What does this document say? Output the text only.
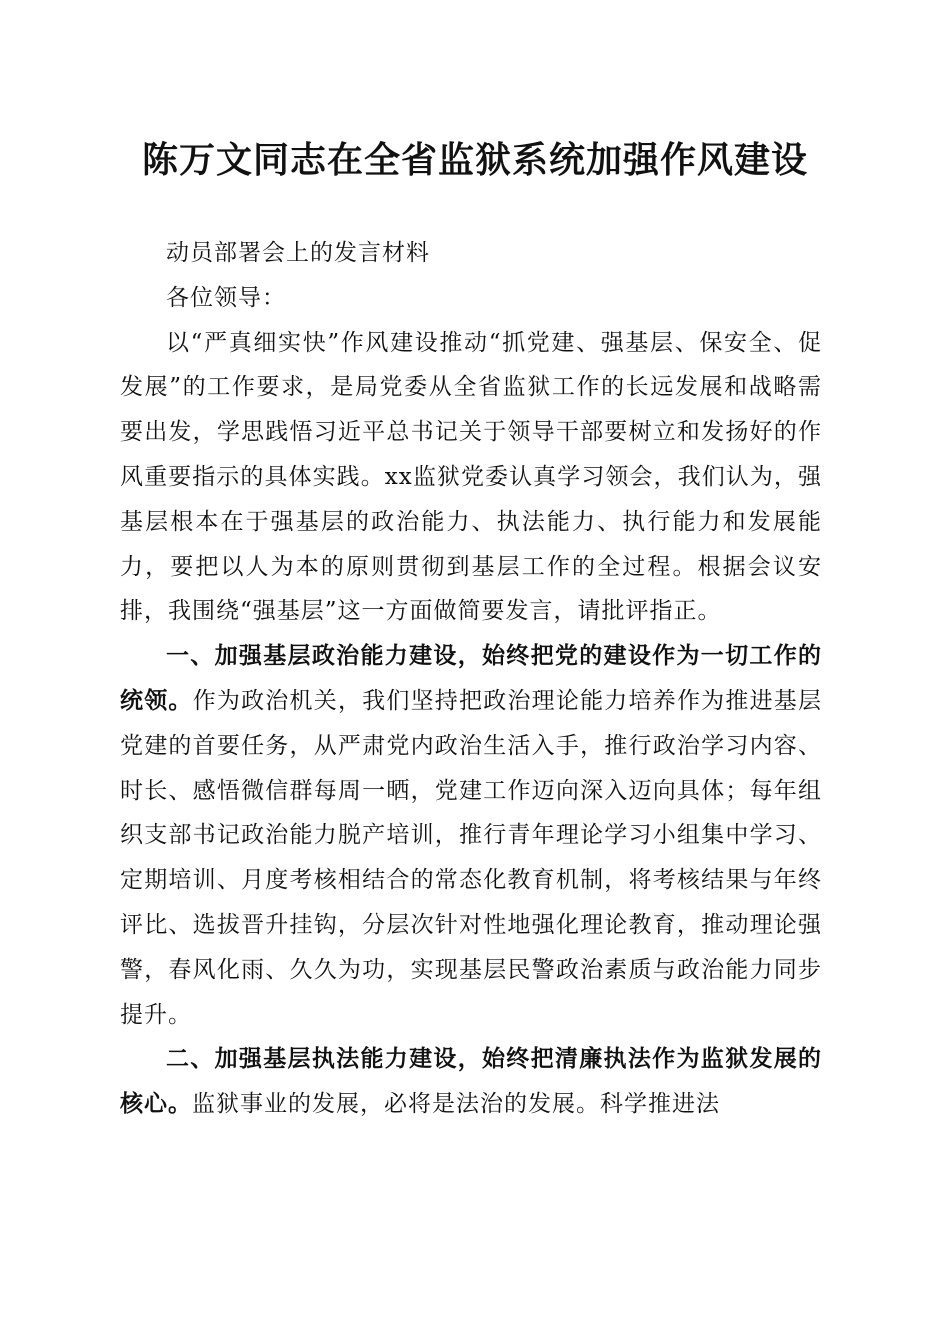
陈万文同志在全省监狱系统加强作风建设

动员部署会上的发言材料

各位领导：

以“严真细实快”作风建设推动“抓党建、强基层、保安全、促发展”的工作要求，是局党委从全省监狱工作的长远发展和战略需要出发，学思践悟习近平总书记关于领导干部要树立和发扬好的作风重要指示的具体实践。xx监狱党委认真学习领会，我们认为，强基层根本在于强基层的政治能力、执法能力、执行能力和发展能力，要把以人为本的原则贯彻到基层工作的全过程。根据会议安排，我围绕“强基层”这一方面做简要发言，请批评指正。

一、加强基层政治能力建设，始终把党的建设作为一切工作的统领。作为政治机关，我们坚持把政治理论能力培养作为推进基层党建的首要任务，从严肃党内政治生活入手，推行政治学习内容、时长、感悟微信群每周一晒，党建工作迈向深入迈向具体；每年组织支部书记政治能力脱产培训，推行青年理论学习小组集中学习、定期培训、月度考核相结合的常态化教育机制，将考核结果与年终评比、选拔晋升挂钩，分层次针对性地强化理论教育，推动理论强警，春风化雨、久久为功，实现基层民警政治素质与政治能力同步提升。

二、加强基层执法能力建设，始终把清廉执法作为监狱发展的核心。监狱事业的发展，必将是法治的发展。科学推进法
